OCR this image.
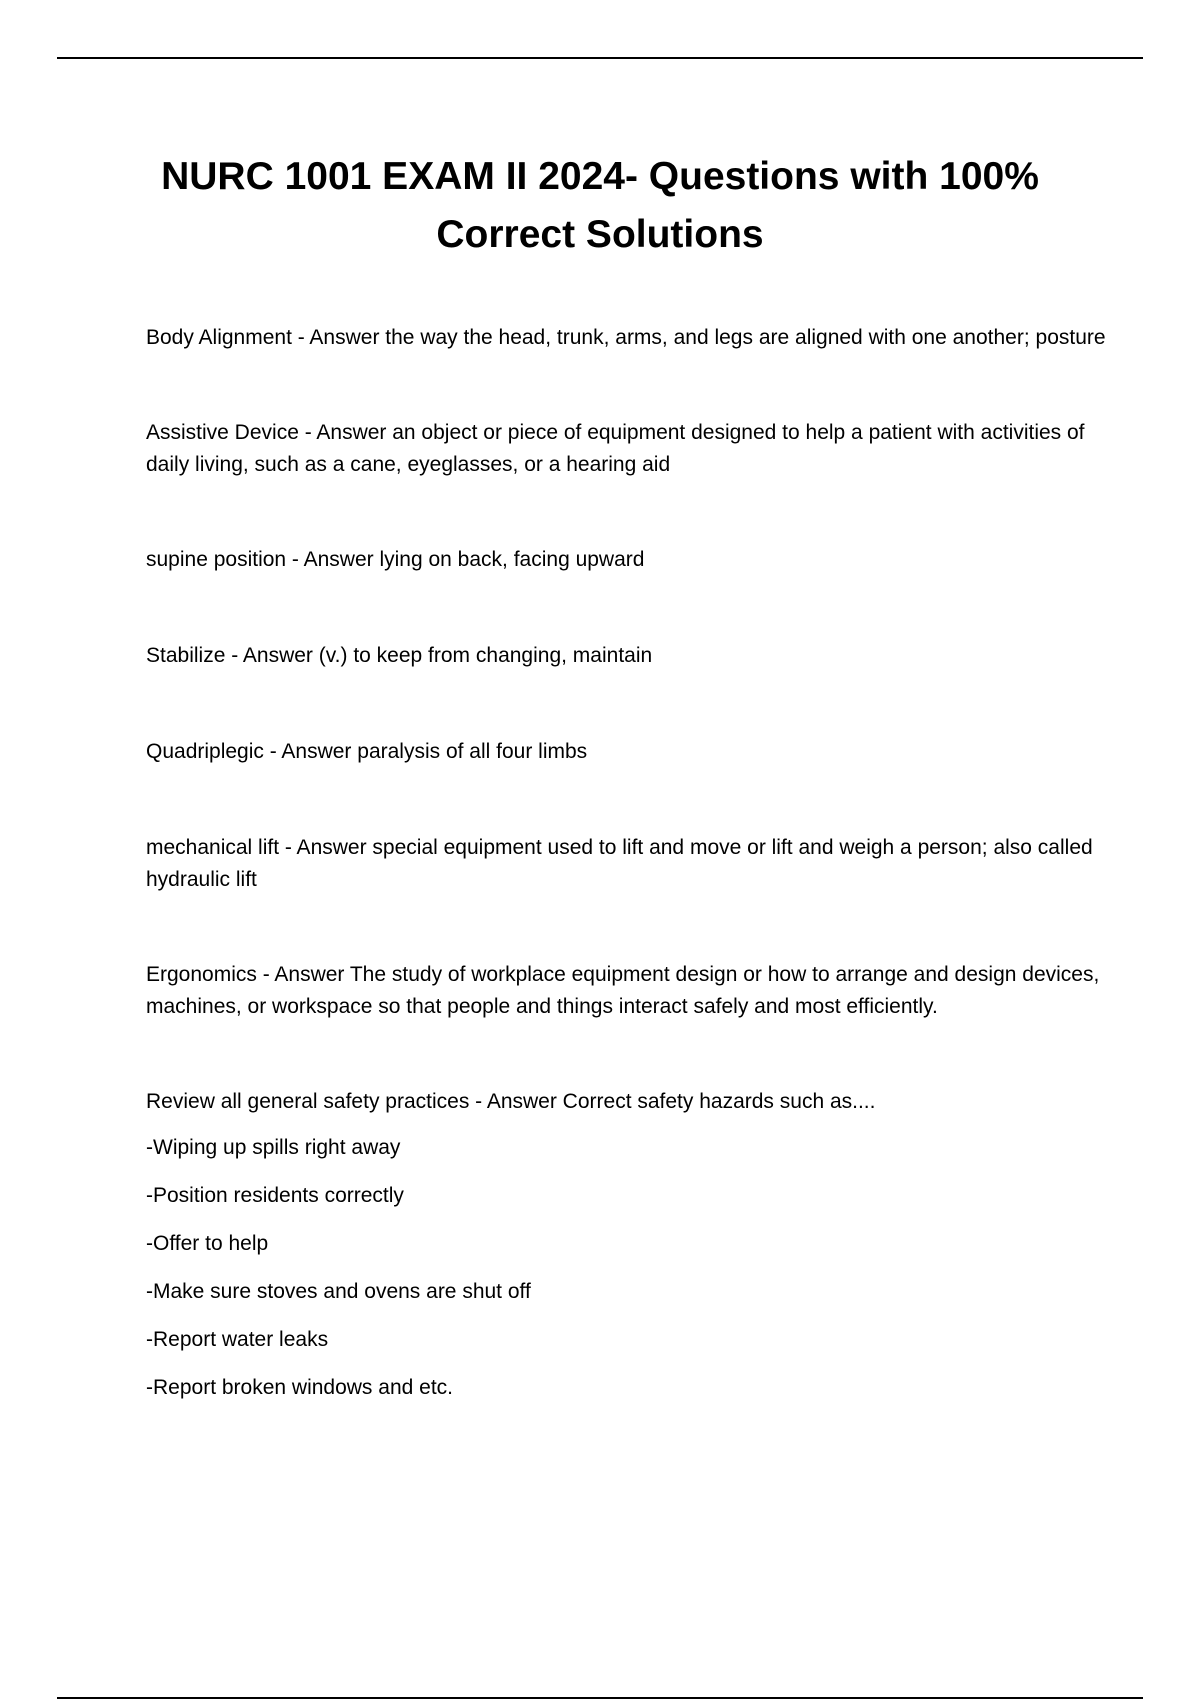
NURC 1001 EXAM II 2024- Questions with 100% Correct Solutions

Body Alignment - Answer the way the head, trunk, arms, and legs are aligned with one another; posture

Assistive Device - Answer an object or piece of equipment designed to help a patient with activities of daily living, such as a cane, eyeglasses, or a hearing aid

supine position - Answer lying on back, facing upward

Stabilize - Answer (v.) to keep from changing, maintain

Quadriplegic - Answer paralysis of all four limbs

mechanical lift - Answer special equipment used to lift and move or lift and weigh a person; also called hydraulic lift

Ergonomics - Answer The study of workplace equipment design or how to arrange and design devices, machines, or workspace so that people and things interact safely and most efficiently.

Review all general safety practices - Answer Correct safety hazards such as....

-Wiping up spills right away
-Position residents correctly
-Offer to help
-Make sure stoves and ovens are shut off
-Report water leaks
-Report broken windows and etc.
